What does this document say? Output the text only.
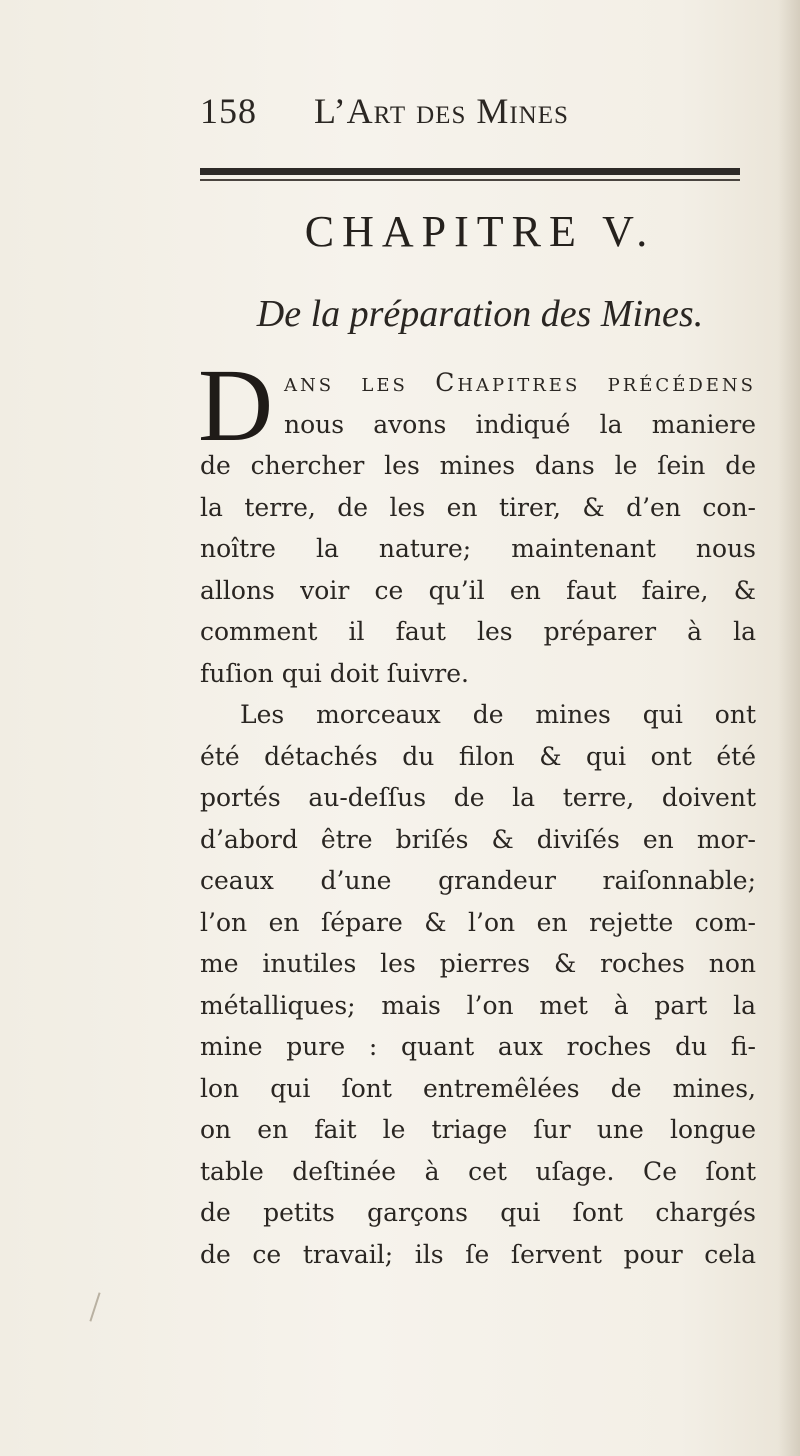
158 L’Art des Mines
CHAPITRE V.
De la préparation des Mines.
D ans les Chapitres précédens
nous avons indiqué la maniere
de chercher les mines dans le ſein de
la terre, de les en tirer, & d’en con-
noître la nature; maintenant nous
allons voir ce qu’il en faut faire, &
comment il faut les préparer à la
fuſion qui doit ſuivre.
Les morceaux de mines qui ont
été détachés du filon & qui ont été
portés au-deſſus de la terre, doivent
d’abord être briſés & diviſés en mor-
ceaux d’une grandeur raiſonnable;
l’on en ſépare & l’on en rejette com-
me inutiles les pierres & roches non
métalliques; mais l’on met à part la
mine pure : quant aux roches du fi-
lon qui ſont entremêlées de mines,
on en fait le triage ſur une longue
table deſtinée à cet uſage. Ce ſont
de petits garçons qui ſont chargés
de ce travail; ils ſe ſervent pour cela
